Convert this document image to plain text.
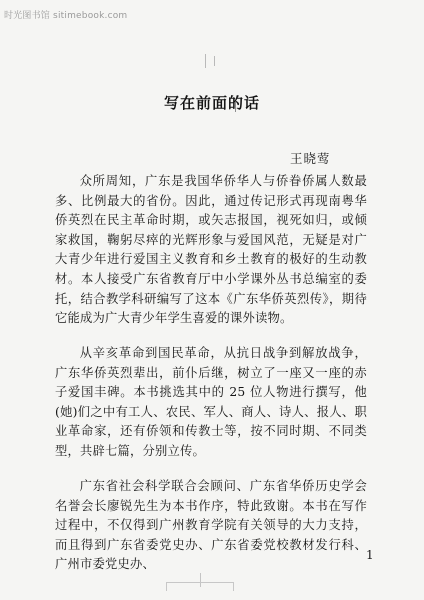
时光图书馆 sitimebook.com
写在前面的话
王晓莺

众所周知，广东是我国华侨华人与侨眷侨属人数最多、比例最大的省份。因此，通过传记形式再现南粤华侨英烈在民主革命时期，或矢志报国，视死如归，或倾家救国，鞠躬尽瘁的光辉形象与爱国风范，无疑是对广大青少年进行爱国主义教育和乡土教育的极好的生动教材。本人接受广东省教育厅中小学课外丛书总编室的委托，结合教学科研编写了这本《广东华侨英烈传》，期待它能成为广大青少年学生喜爱的课外读物。

从辛亥革命到国民革命，从抗日战争到解放战争，广东华侨英烈辈出，前仆后继，树立了一座又一座的赤子爱国丰碑。本书挑选其中的 25 位人物进行撰写，他(她)们之中有工人、农民、军人、商人、诗人、报人、职业革命家，还有侨领和传教士等，按不同时期、不同类型，共辟七篇，分别立传。

广东省社会科学联合会顾问、广东省华侨历史学会名誉会长廖锐先生为本书作序，特此致谢。本书在写作过程中，不仅得到广州教育学院有关领导的大力支持，而且得到广东省委党史办、广东省委党校教材发行科、广州市委党史办、

1
